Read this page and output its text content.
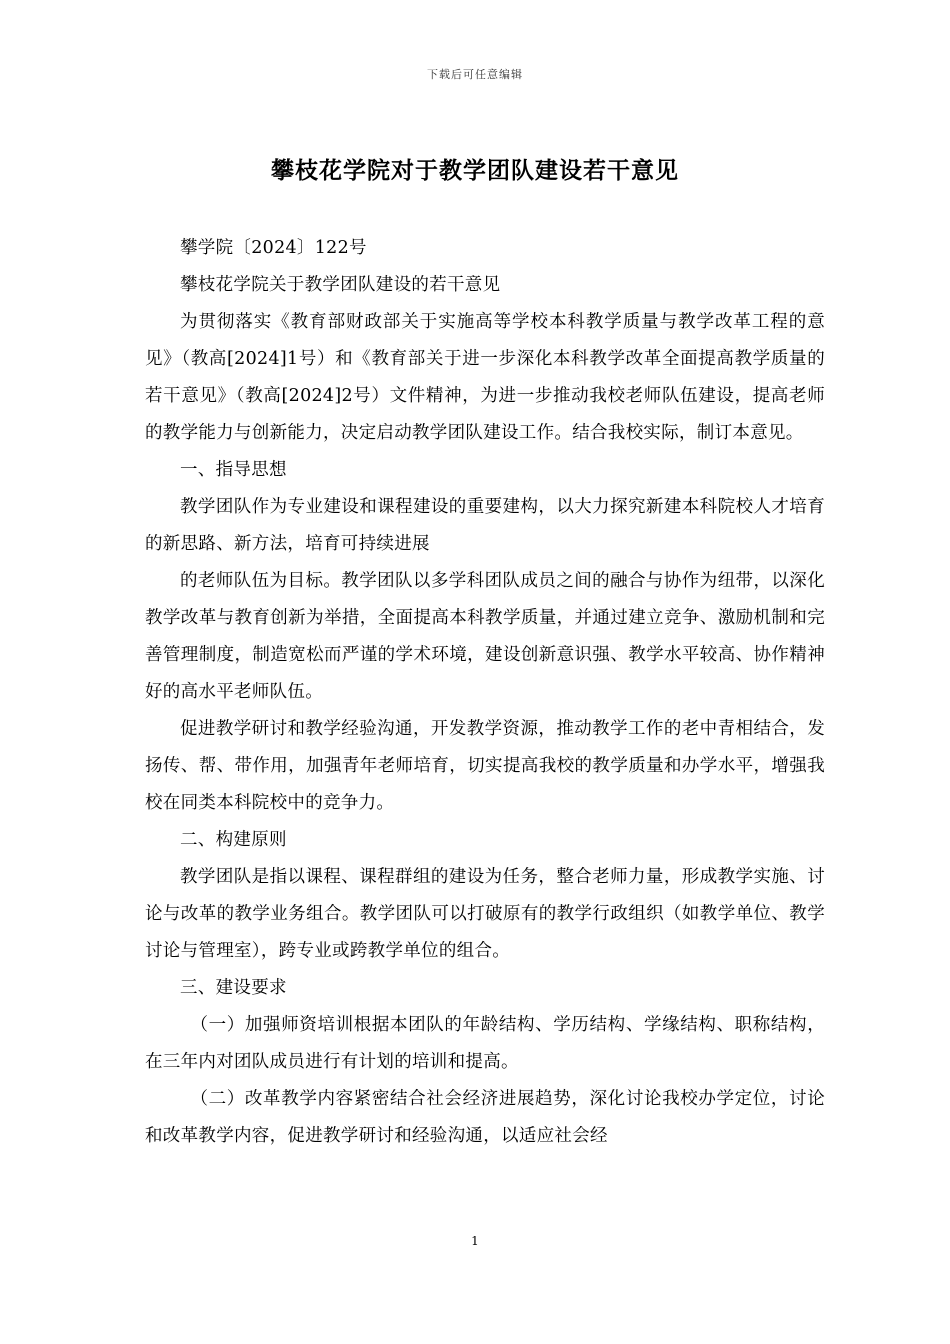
下载后可任意编辑
攀枝花学院对于教学团队建设若干意见

攀学院〔2024〕122号

攀枝花学院关于教学团队建设的若干意见

为贯彻落实《教育部财政部关于实施高等学校本科教学质量与教学改革工程的意见》（教高[2024]1号）和《教育部关于进一步深化本科教学改革全面提高教学质量的若干意见》（教高[2024]2号）文件精神，为进一步推动我校老师队伍建设，提高老师的教学能力与创新能力，决定启动教学团队建设工作。结合我校实际，制订本意见。

一、指导思想

教学团队作为专业建设和课程建设的重要建构，以大力探究新建本科院校人才培育的新思路、新方法，培育可持续进展

的老师队伍为目标。教学团队以多学科团队成员之间的融合与协作为纽带，以深化教学改革与教育创新为举措，全面提高本科教学质量，并通过建立竞争、激励机制和完善管理制度，制造宽松而严谨的学术环境，建设创新意识强、教学水平较高、协作精神好的高水平老师队伍。

促进教学研讨和教学经验沟通，开发教学资源，推动教学工作的老中青相结合，发扬传、帮、带作用，加强青年老师培育，切实提高我校的教学质量和办学水平，增强我校在同类本科院校中的竞争力。

二、构建原则

教学团队是指以课程、课程群组的建设为任务，整合老师力量，形成教学实施、讨论与改革的教学业务组合。教学团队可以打破原有的教学行政组织（如教学单位、教学讨论与管理室），跨专业或跨教学单位的组合。

三、建设要求

（一）加强师资培训根据本团队的年龄结构、学历结构、学缘结构、职称结构，在三年内对团队成员进行有计划的培训和提高。

（二）改革教学内容紧密结合社会经济进展趋势，深化讨论我校办学定位，讨论和改革教学内容，促进教学研讨和经验沟通，以适应社会经

1
